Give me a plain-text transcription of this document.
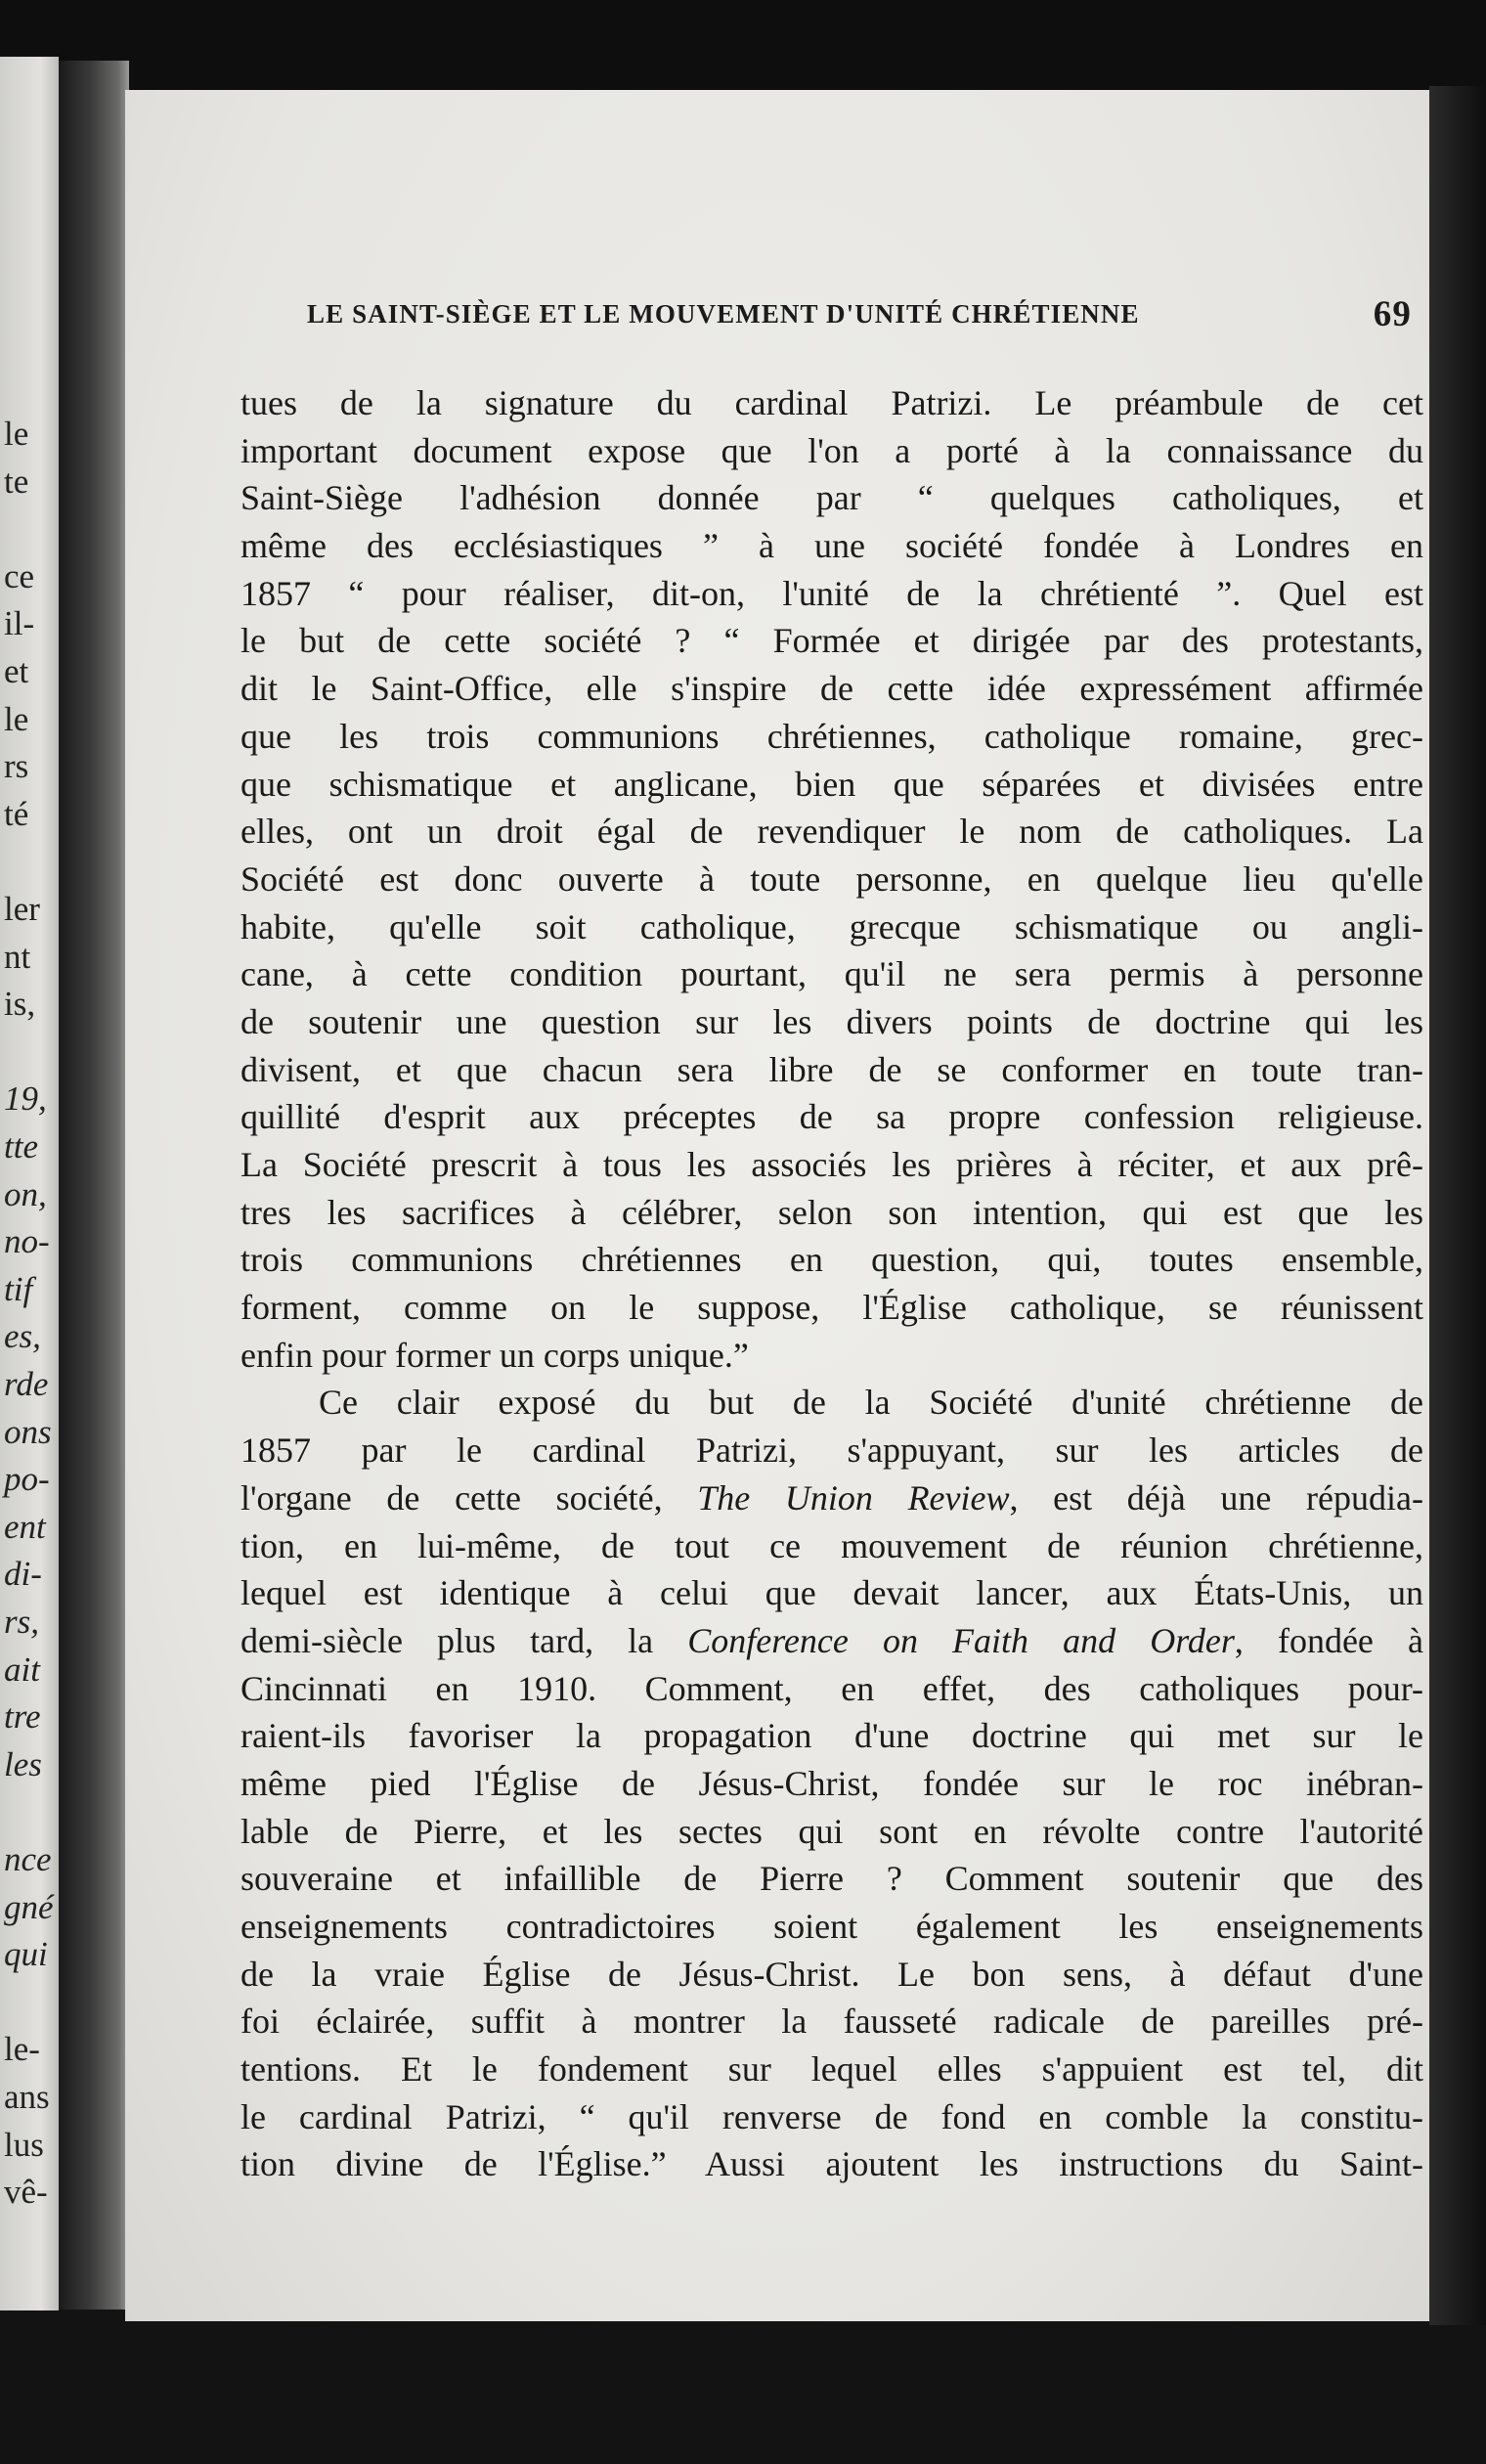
le
te
ce
il-
et
le
rs
té
ler
nt
is,
19,
tte
on,
no-
tif
es,
rde
ons
po-
ent
di-
rs,
ait
tre
les
nce
gné
qui
le-
ans
lus
vê-
LE SAINT-SIÈGE ET LE MOUVEMENT D'UNITÉ CHRÉTIENNE	69
tues de la signature du cardinal Patrizi. Le préambule de cet
important document expose que l'on a porté à la connaissance du
Saint-Siège l'adhésion donnée par “ quelques catholiques, et
même des ecclésiastiques ” à une société fondée à Londres en
1857 “ pour réaliser, dit-on, l'unité de la chrétienté ”. Quel est
le but de cette société ? “ Formée et dirigée par des protestants,
dit le Saint-Office, elle s'inspire de cette idée expressément affirmée
que les trois communions chrétiennes, catholique romaine, grec-
que schismatique et anglicane, bien que séparées et divisées entre
elles, ont un droit égal de revendiquer le nom de catholiques. La
Société est donc ouverte à toute personne, en quelque lieu qu'elle
habite, qu'elle soit catholique, grecque schismatique ou angli-
cane, à cette condition pourtant, qu'il ne sera permis à personne
de soutenir une question sur les divers points de doctrine qui les
divisent, et que chacun sera libre de se conformer en toute tran-
quillité d'esprit aux préceptes de sa propre confession religieuse.
La Société prescrit à tous les associés les prières à réciter, et aux prê-
tres les sacrifices à célébrer, selon son intention, qui est que les
trois communions chrétiennes en question, qui, toutes ensemble,
forment, comme on le suppose, l'Église catholique, se réunissent
enfin pour former un corps unique.”
Ce clair exposé du but de la Société d'unité chrétienne de
1857 par le cardinal Patrizi, s'appuyant, sur les articles de
l'organe de cette société, The Union Review, est déjà une répudia-
tion, en lui-même, de tout ce mouvement de réunion chrétienne,
lequel est identique à celui que devait lancer, aux États-Unis, un
demi-siècle plus tard, la Conference on Faith and Order, fondée à
Cincinnati en 1910. Comment, en effet, des catholiques pour-
raient-ils favoriser la propagation d'une doctrine qui met sur le
même pied l'Église de Jésus-Christ, fondée sur le roc inébran-
lable de Pierre, et les sectes qui sont en révolte contre l'autorité
souveraine et infaillible de Pierre ? Comment soutenir que des
enseignements contradictoires soient également les enseignements
de la vraie Église de Jésus-Christ. Le bon sens, à défaut d'une
foi éclairée, suffit à montrer la fausseté radicale de pareilles pré-
tentions. Et le fondement sur lequel elles s'appuient est tel, dit
le cardinal Patrizi, “ qu'il renverse de fond en comble la constitu-
tion divine de l'Église.” Aussi ajoutent les instructions du Saint-
